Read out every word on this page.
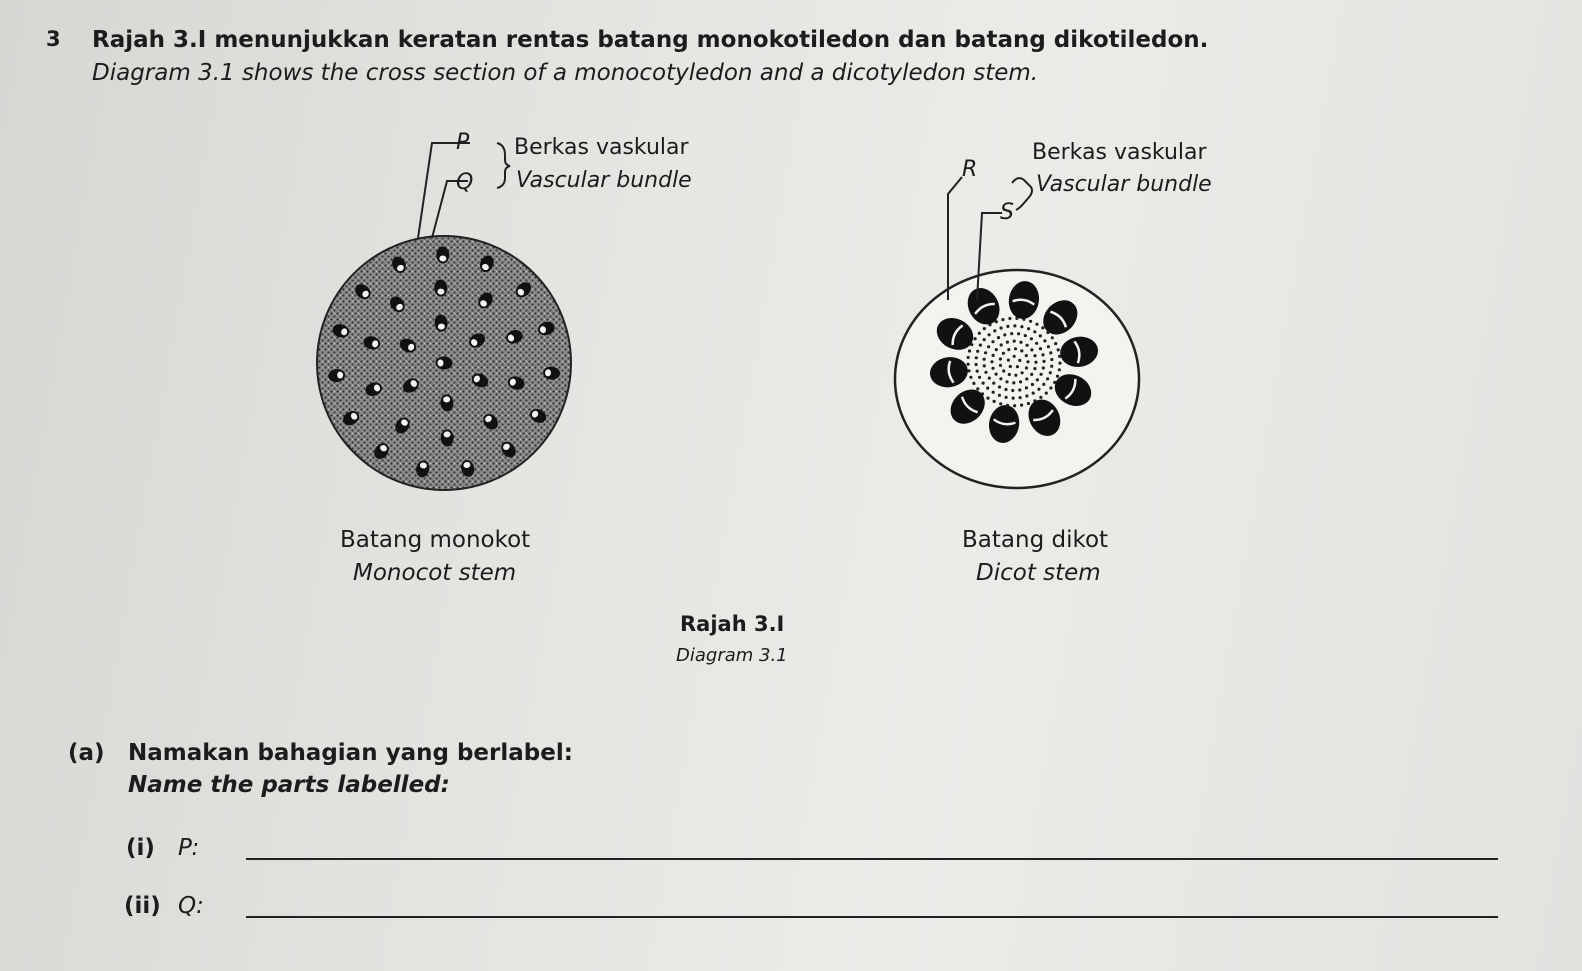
3 Rajah 3.I menunjukkan keratan rentas batang monokotiledon dan batang dikotiledon.
Diagram 3.1 shows the cross section of a monocotyledon and a dicotyledon stem.
P
Q
Berkas vaskular
Vascular bundle	R
S
Berkas vaskular
Vascular bundle
Batang monokot
Monocot stem
Batang dikot
Dicot stem
Rajah 3.I
Diagram 3.1
(a) Namakan bahagian yang berlabel:
Name the parts labelled:
(i) P:
(ii) Q:
